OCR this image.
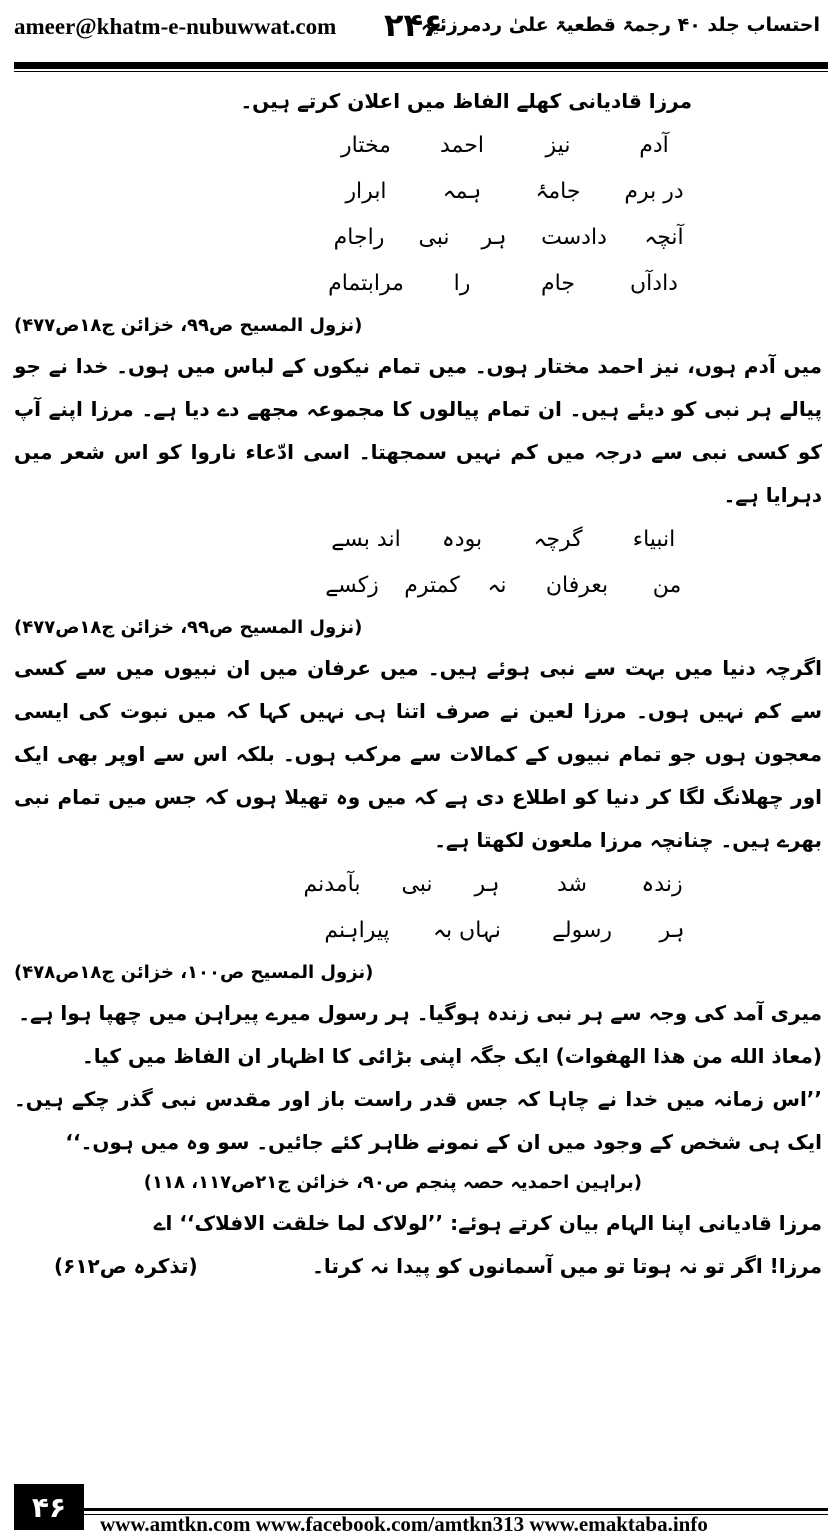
ameer@khatm-e-nubuwwat.com ۲۴۶
احتساب جلد ۴۰ رجمۃ قطعیۃ علیٰ ردمرزئیہ

مرزا قادیانی کھلے الفاظ میں اعلان کرتے ہیں۔

آدم
نیز
احمد
مختار
در برم
جامۂ
ہمہ
ابرار
آنچہ
دادست
ہر
نبی
راجام
دادآں
جام
را
مرابتمام

(نزول المسیح ص۹۹، خزائن ج۱۸ص۴۷۷)

میں آدم ہوں، نیز احمد مختار ہوں۔ میں تمام نیکوں کے لباس میں ہوں۔ خدا نے جو پیالے ہر نبی کو دیئے ہیں۔ ان تمام پیالوں کا مجموعہ مجھے دے دیا ہے۔ مرزا اپنے آپ کو کسی نبی سے درجہ میں کم نہیں سمجھتا۔ اسی ادّعاء ناروا کو اس شعر میں دہرایا ہے۔

انبیاء
گرچہ
بودہ
اند بسے
من
بعرفان
نہ
کمترم
زکسے

(نزول المسیح ص۹۹، خزائن ج۱۸ص۴۷۷)

اگرچہ دنیا میں بہت سے نبی ہوئے ہیں۔ میں عرفان میں ان نبیوں میں سے کسی سے کم نہیں ہوں۔ مرزا لعین نے صرف اتنا ہی نہیں کہا کہ میں نبوت کی ایسی معجون ہوں جو تمام نبیوں کے کمالات سے مرکب ہوں۔ بلکہ اس سے اوپر بھی ایک اور چھلانگ لگا کر دنیا کو اطلاع دی ہے کہ میں وہ تھیلا ہوں کہ جس میں تمام نبی بھرے ہیں۔ چنانچہ مرزا ملعون لکھتا ہے۔

زندہ
شد
ہر
نبی
بآمدنم
ہر
رسولے
نہاں بہ
پیراہنم

(نزول المسیح ص۱۰۰، خزائن ج۱۸ص۴۷۸)

میری آمد کی وجہ سے ہر نبی زندہ ہوگیا۔ ہر رسول میرے پیراہن میں چھپا ہوا ہے۔

(معاذ الله من هذا الهفوات) ایک جگہ اپنی بڑائی کا اظہار ان الفاظ میں کیا۔

’’اس زمانہ میں خدا نے چاہا کہ جس قدر راست باز اور مقدس نبی گذر چکے ہیں۔ ایک ہی شخص کے وجود میں ان کے نمونے ظاہر کئے جائیں۔ سو وہ میں ہوں۔‘‘

(براہین احمدیہ حصہ پنجم ص۹۰، خزائن ج۲۱ص۱۱۷، ۱۱۸)

مرزا قادیانی اپنا الہام بیان کرتے ہوئے: ’’لولاک لما خلقت الافلاک‘‘ اے

مرزا! اگر تو نہ ہوتا تو میں آسمانوں کو پیدا نہ کرتا۔
(تذکرہ ص۶۱۲)
۴۶
www.amtkn.com www.facebook.com/amtkn313 www.emaktaba.info
